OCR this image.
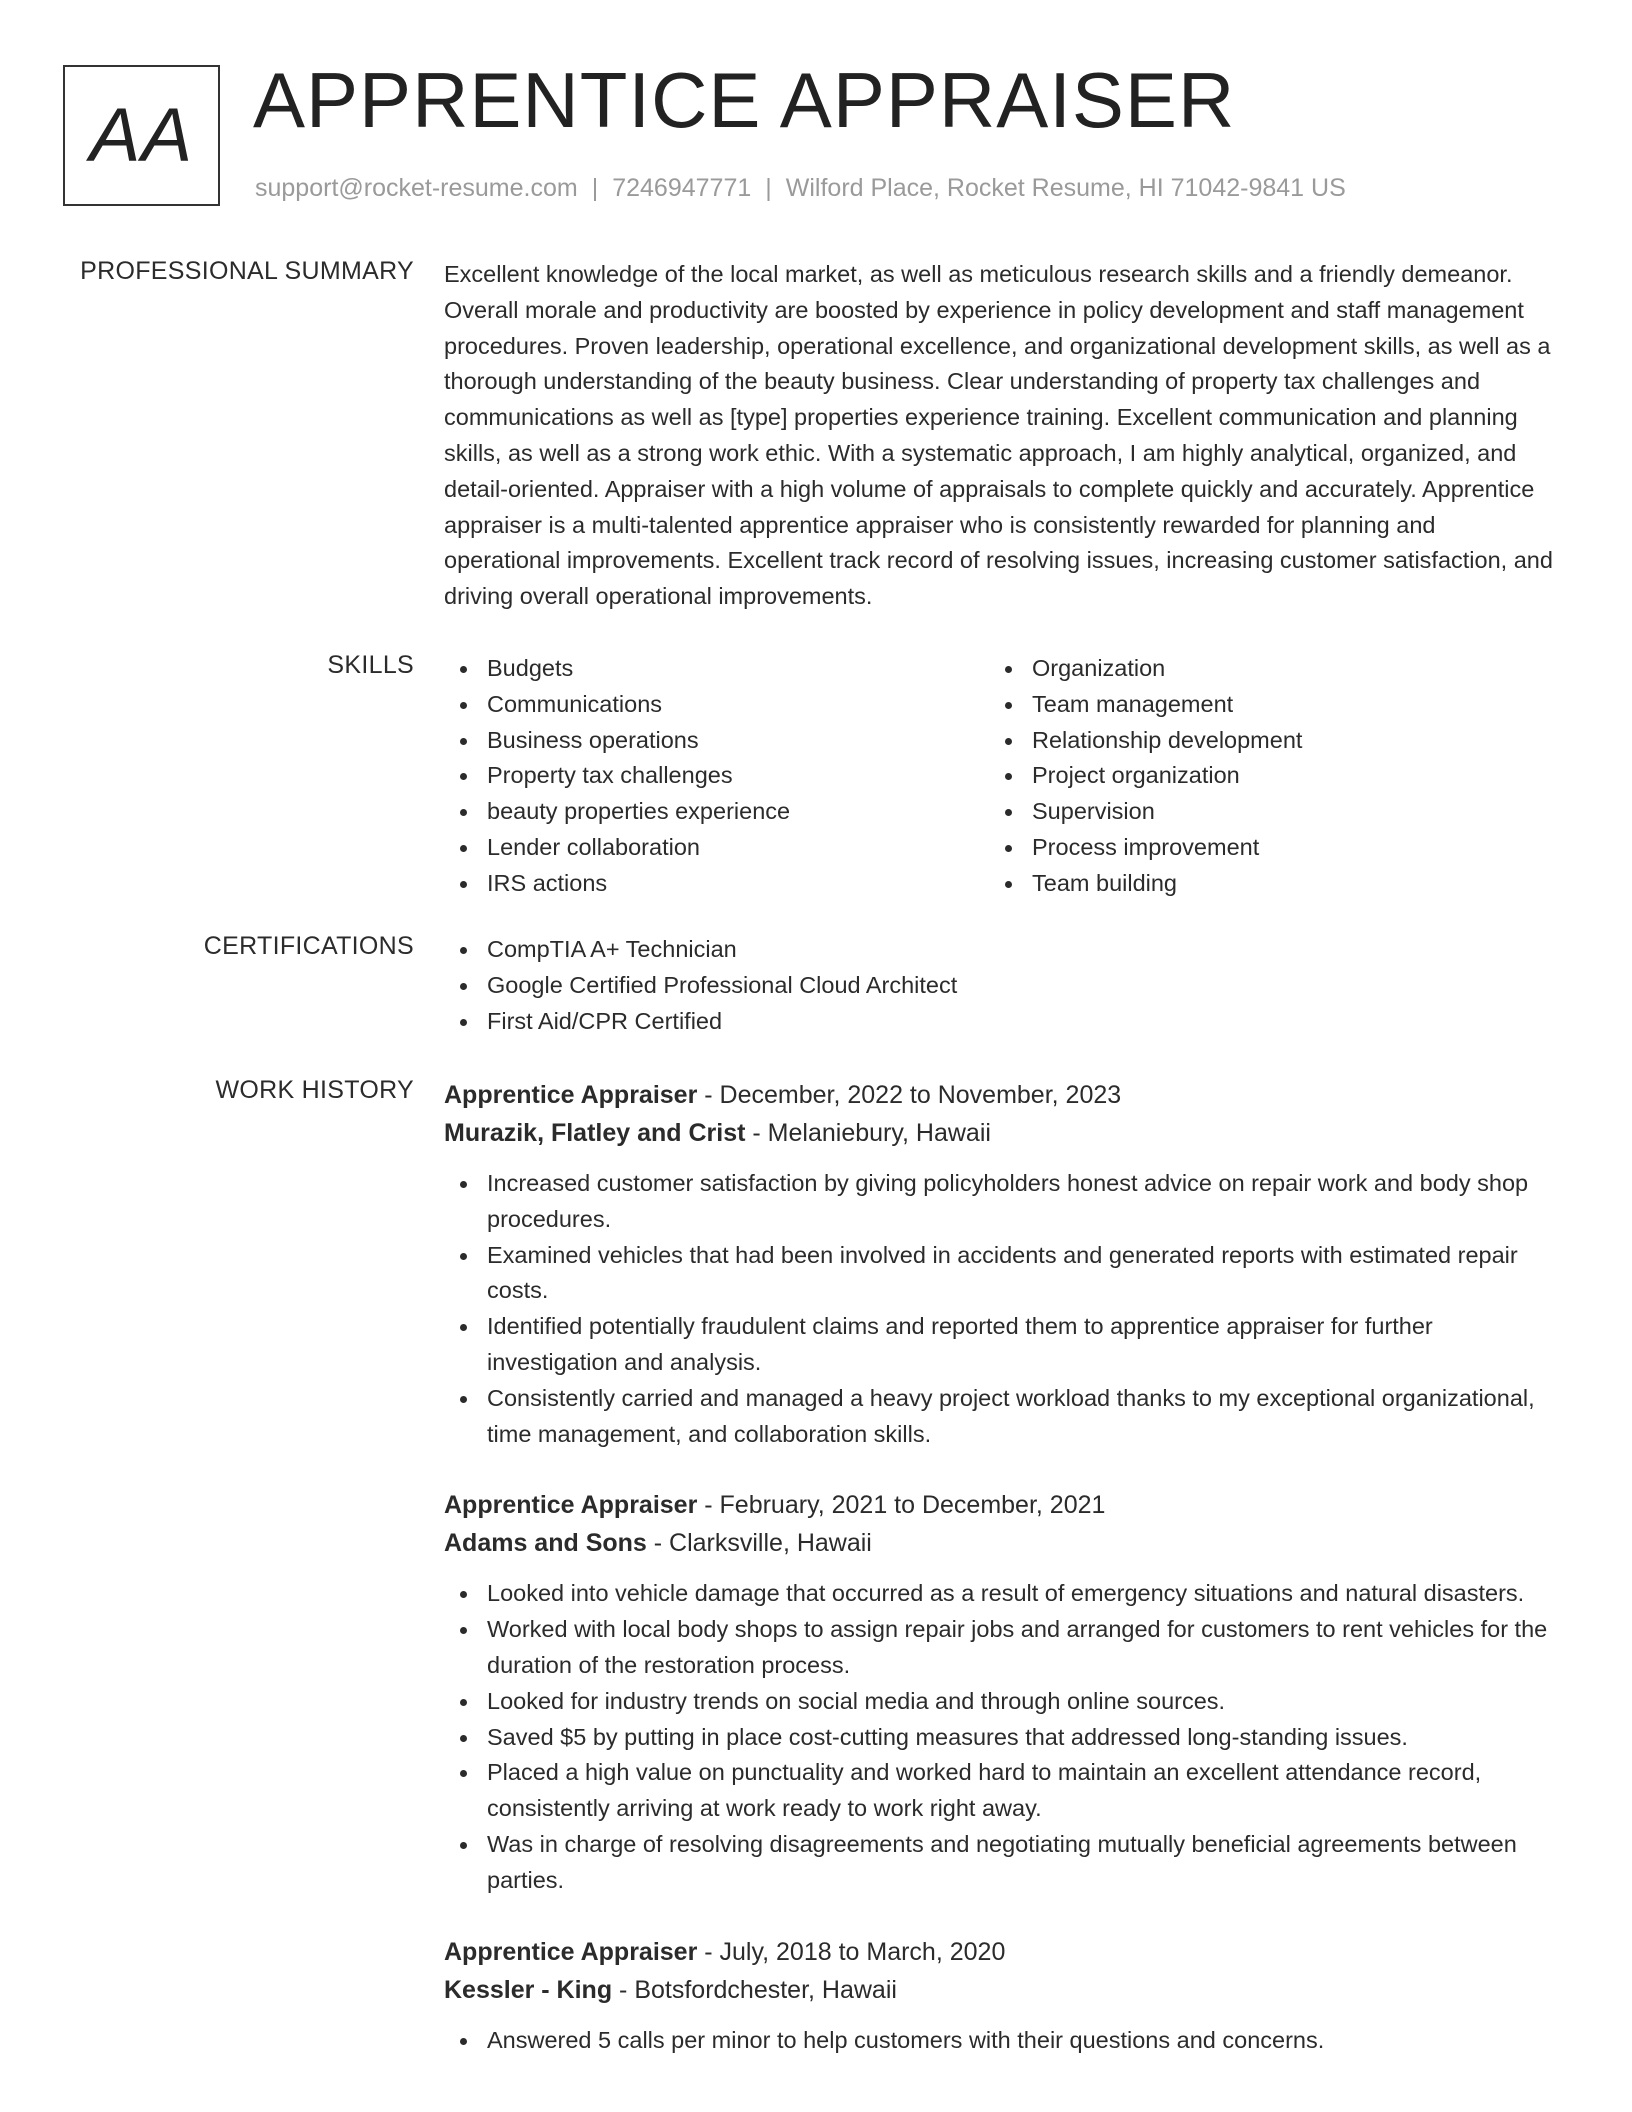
AA APPRENTICE APPRAISER
support@rocket-resume.com | 7246947771 | Wilford Place, Rocket Resume, HI 71042-9841 US
PROFESSIONAL SUMMARY Excellent knowledge of the local market, as well as meticulous research skills and a friendly demeanor. Overall morale and productivity are boosted by experience in policy development and staff management procedures. Proven leadership, operational excellence, and organizational development skills, as well as a thorough understanding of the beauty business. Clear understanding of property tax challenges and communications as well as [type] properties experience training. Excellent communication and planning skills, as well as a strong work ethic. With a systematic approach, I am highly analytical, organized, and detail-oriented. Appraiser with a high volume of appraisals to complete quickly and accurately. Apprentice appraiser is a multi-talented apprentice appraiser who is consistently rewarded for planning and operational improvements. Excellent track record of resolving issues, increasing customer satisfaction, and driving overall operational improvements.

SKILLS	Budgets
Communications
Business operations
Property tax challenges
beauty properties experience
Lender collaboration
IRS actions
Organization
Team management
Relationship development
Project organization
Supervision
Process improvement
Team building
CERTIFICATIONS	CompTIA A+ Technician
Google Certified Professional Cloud Architect
First Aid/CPR Certified
WORK HISTORY Apprentice Appraiser - December, 2022 to November, 2023
Murazik, Flatley and Crist - Melaniebury, Hawaii
Increased customer satisfaction by giving policyholders honest advice on repair work and body shop procedures.
Examined vehicles that had been involved in accidents and generated reports with estimated repair costs.
Identified potentially fraudulent claims and reported them to apprentice appraiser for further investigation and analysis.
Consistently carried and managed a heavy project workload thanks to my exceptional organizational, time management, and collaboration skills.
Apprentice Appraiser - February, 2021 to December, 2021
Adams and Sons - Clarksville, Hawaii
Looked into vehicle damage that occurred as a result of emergency situations and natural disasters.
Worked with local body shops to assign repair jobs and arranged for customers to rent vehicles for the duration of the restoration process.
Looked for industry trends on social media and through online sources.
Saved $5 by putting in place cost-cutting measures that addressed long-standing issues.
Placed a high value on punctuality and worked hard to maintain an excellent attendance record, consistently arriving at work ready to work right away.
Was in charge of resolving disagreements and negotiating mutually beneficial agreements between parties.
Apprentice Appraiser - July, 2018 to March, 2020
Kessler - King - Botsfordchester, Hawaii
Answered 5 calls per minor to help customers with their questions and concerns.
